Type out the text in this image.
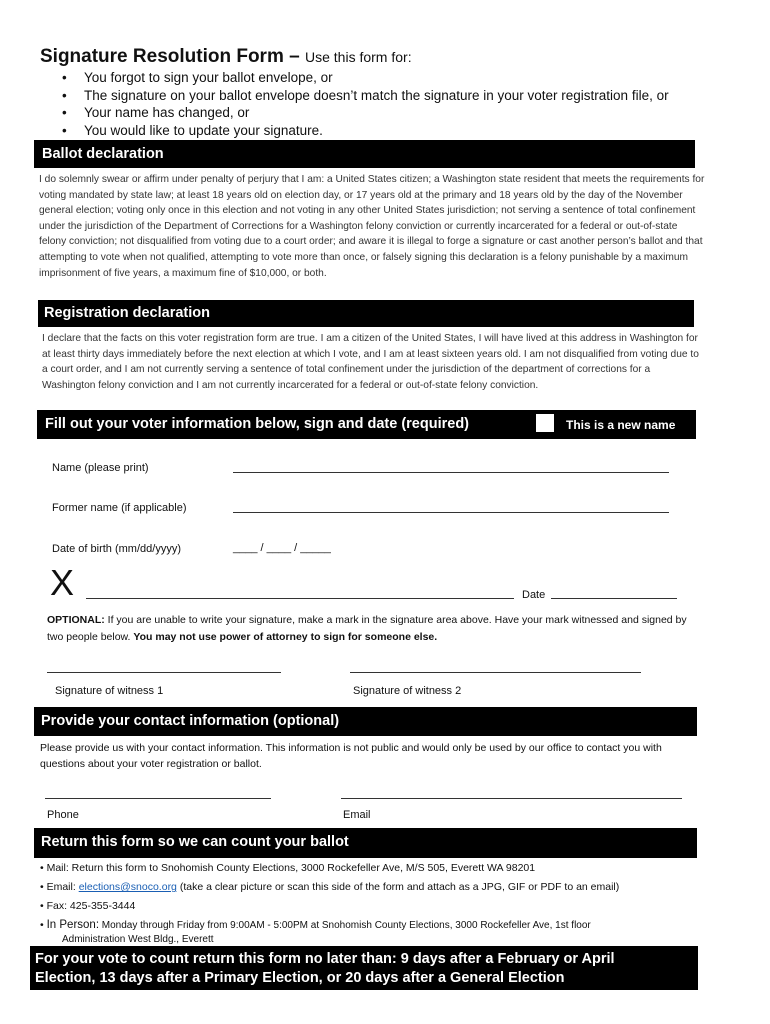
Signature Resolution Form – Use this form for:
• You forgot to sign your ballot envelope, or
• The signature on your ballot envelope doesn’t match the signature in your voter registration file, or
• Your name has changed, or
• You would like to update your signature.
Ballot declaration
I do solemnly swear or affirm under penalty of perjury that I am: a United States citizen; a Washington state resident that meets the requirements for voting mandated by state law; at least 18 years old on election day, or 17 years old at the primary and 18 years old by the day of the November general election; voting only once in this election and not voting in any other United States jurisdiction; not serving a sentence of total confinement under the jurisdiction of the Department of Corrections for a Washington felony conviction or currently incarcerated for a federal or out-of-state felony conviction; not disqualified from voting due to a court order; and aware it is illegal to forge a signature or cast another person’s ballot and that attempting to vote when not qualified, attempting to vote more than once, or falsely signing this declaration is a felony punishable by a maximum imprisonment of five years, a maximum fine of $10,000, or both.
Registration declaration
I declare that the facts on this voter registration form are true. I am a citizen of the United States, I will have lived at this address in Washington for at least thirty days immediately before the next election at which I vote, and I am at least sixteen years old. I am not disqualified from voting due to a court order, and I am not currently serving a sentence of total confinement under the jurisdiction of the department of corrections for a Washington felony conviction and I am not currently incarcerated for a federal or out-of-state felony conviction.
Fill out your voter information below, sign and date (required)	This is a new name
Name (please print)
Former name (if applicable)
Date of birth (mm/dd/yyyy)	____ / ____ / _____
X	Date
OPTIONAL: If you are unable to write your signature, make a mark in the signature area above. Have your mark witnessed and signed by two people below. You may not use power of attorney to sign for someone else.
Signature of witness 1	Signature of witness 2
Provide your contact information (optional)
Please provide us with your contact information. This information is not public and would only be used by our office to contact you with questions about your voter registration or ballot.
Phone	Email
Return this form so we can count your ballot
• Mail: Return this form to Snohomish County Elections, 3000 Rockefeller Ave, M/S 505, Everett WA 98201
• Email: elections@snoco.org (take a clear picture or scan this side of the form and attach as a JPG, GIF or PDF to an email)
• Fax: 425-355-3444
• In Person: Monday through Friday from 9:00AM - 5:00PM at Snohomish County Elections, 3000 Rockefeller Ave, 1st floor
Administration West Bldg., Everett
For your vote to count return this form no later than: 9 days after a February or April
Election, 13 days after a Primary Election, or 20 days after a General Election
